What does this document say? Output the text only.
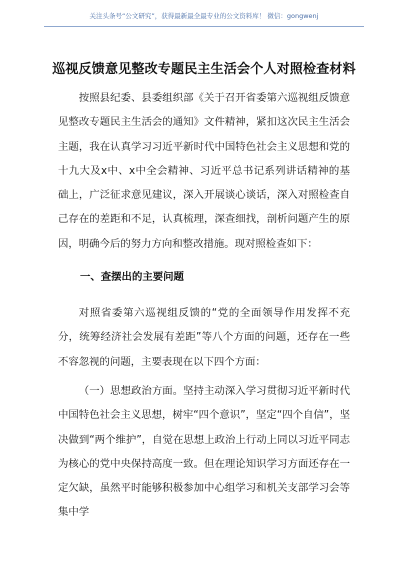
关注头条号“公文研究”，获得最新最全最专业的公文资料库！ 微信：gongwenj
巡视反馈意见整改专题民主生活会个人对照检查材料
按照县纪委、县委组织部《关于召开省委第六巡视组反馈意见整改专题民主生活会的通知》文件精神，紧扣这次民主生活会主题，我在认真学习习近平新时代中国特色社会主义思想和党的十九大及x中、x中全会精神、习近平总书记系列讲话精神的基础上，广泛征求意见建议，深入开展谈心谈话，深入对照检查自己存在的差距和不足，认真梳理，深查细找，剖析问题产生的原因，明确今后的努力方向和整改措施。现对照检查如下：
一、查摆出的主要问题
对照省委第六巡视组反馈的“党的全面领导作用发挥不充分，统筹经济社会发展有差距”等八个方面的问题，还存在一些不容忽视的问题，主要表现在以下四个方面：
（一）思想政治方面。坚持主动深入学习贯彻习近平新时代中国特色社会主义思想，树牢“四个意识”，坚定“四个自信”，坚决做到“两个维护”，自觉在思想上政治上行动上同以习近平同志为核心的党中央保持高度一致。但在理论知识学习方面还存在一定欠缺，虽然平时能够积极参加中心组学习和机关支部学习会等集中学
